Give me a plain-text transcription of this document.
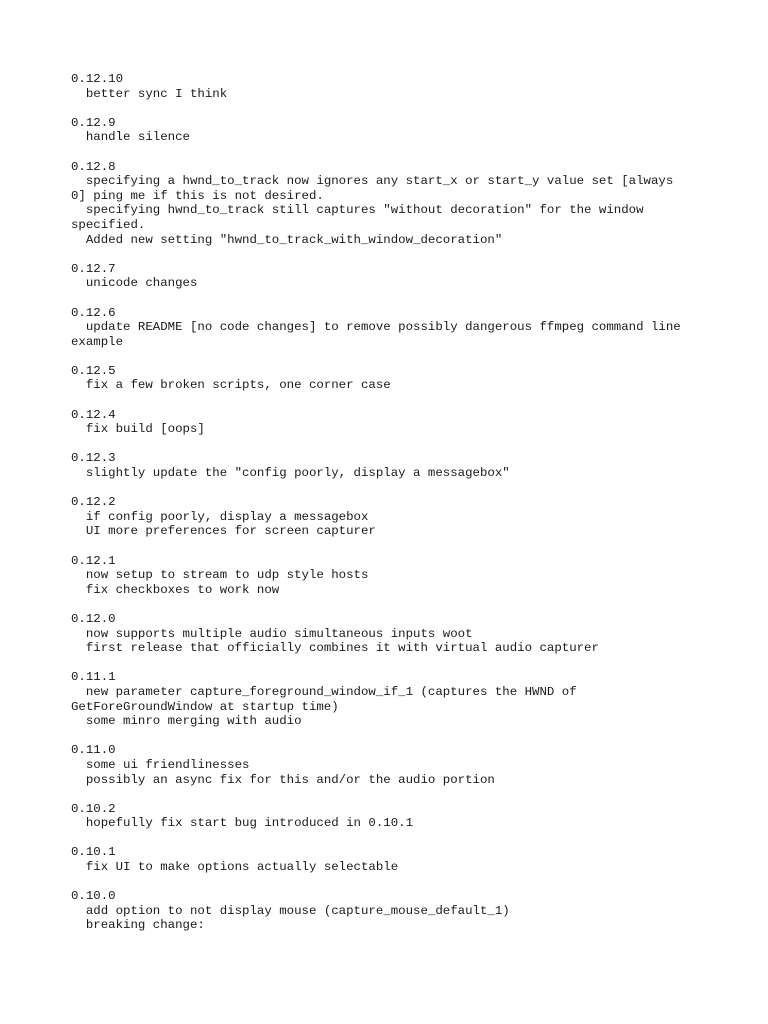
0.12.10
better sync I think
0.12.9
handle silence
0.12.8
specifying a hwnd_to_track now ignores any start_x or start_y value set [always
0] ping me if this is not desired.
specifying hwnd_to_track still captures "without decoration" for the window
specified.
Added new setting "hwnd_to_track_with_window_decoration"
0.12.7
unicode changes
0.12.6
update README [no code changes] to remove possibly dangerous ffmpeg command line
example
0.12.5
fix a few broken scripts, one corner case
0.12.4
fix build [oops]
0.12.3
slightly update the "config poorly, display a messagebox"
0.12.2
if config poorly, display a messagebox
UI more preferences for screen capturer
0.12.1
now setup to stream to udp style hosts
fix checkboxes to work now
0.12.0
now supports multiple audio simultaneous inputs woot
first release that officially combines it with virtual audio capturer
0.11.1
new parameter capture_foreground_window_if_1 (captures the HWND of
GetForeGroundWindow at startup time)
some minro merging with audio
0.11.0
some ui friendlinesses
possibly an async fix for this and/or the audio portion
0.10.2
hopefully fix start bug introduced in 0.10.1
0.10.1
fix UI to make options actually selectable
0.10.0
add option to not display mouse (capture_mouse_default_1)
breaking change:
